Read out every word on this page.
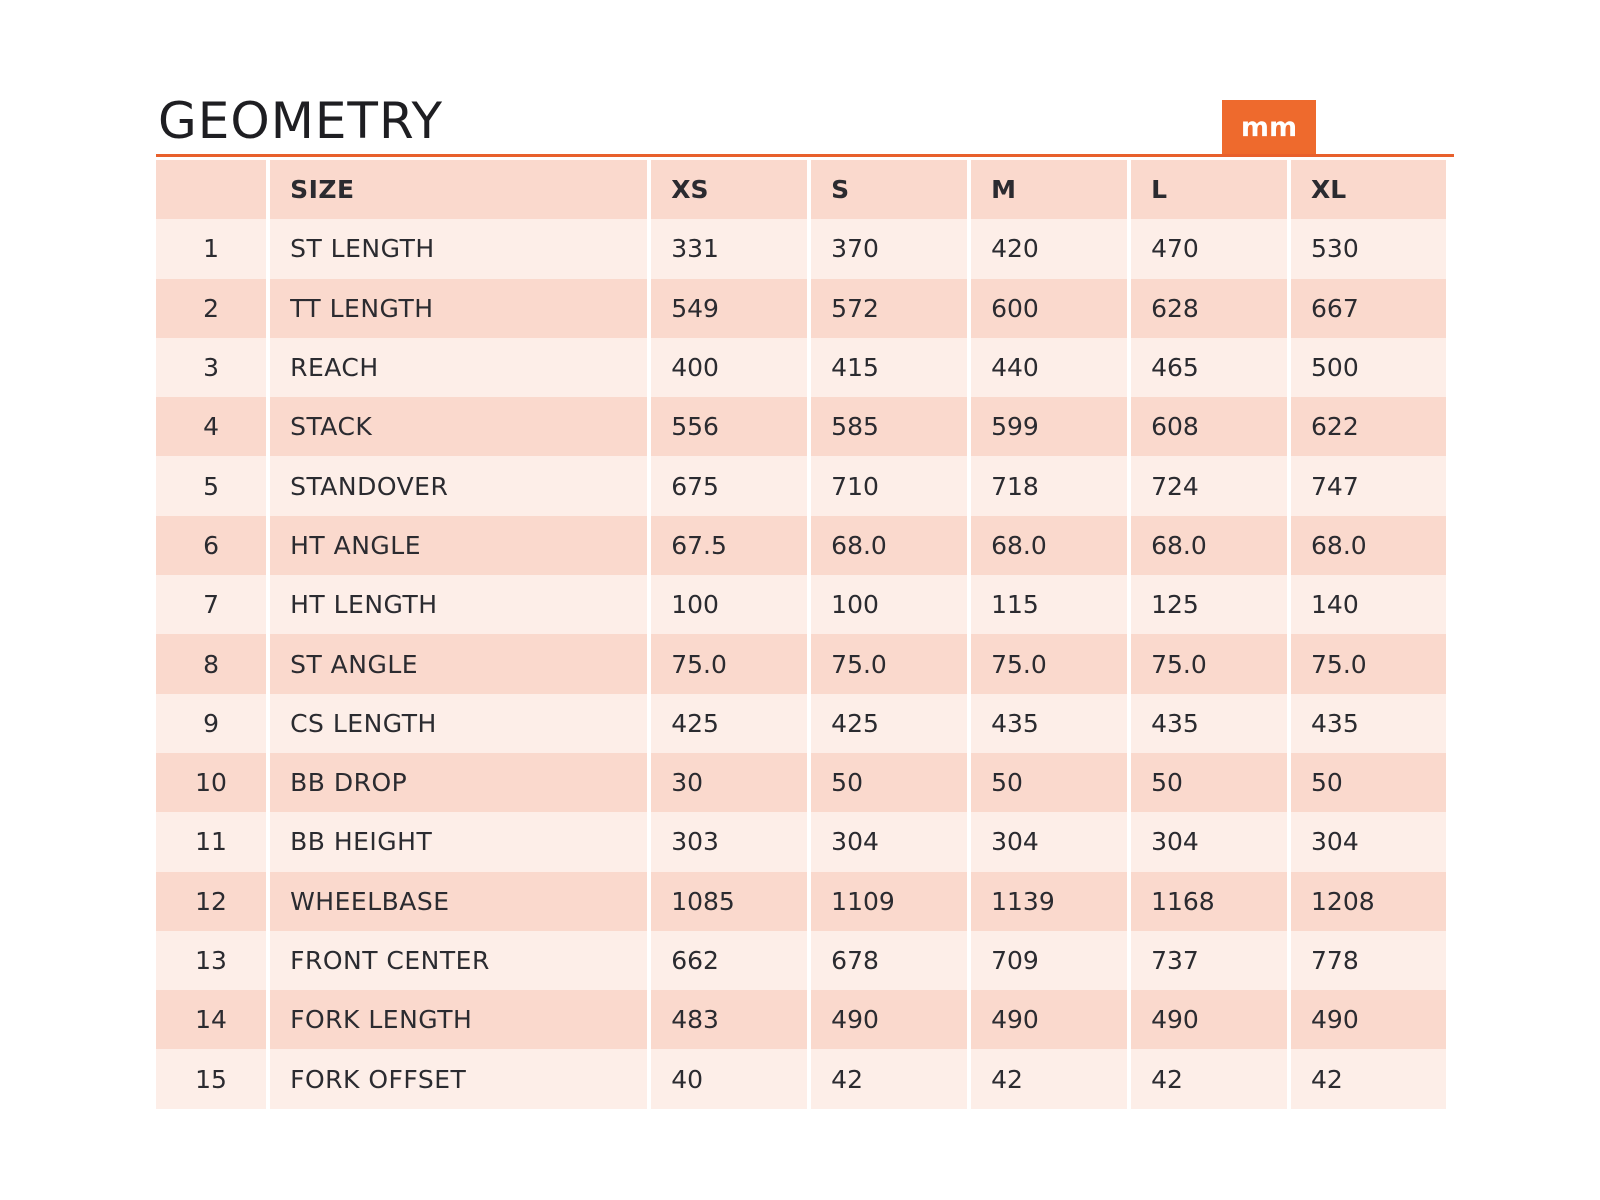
GEOMETRY	mm
	SIZE	XS	S	M	L	XL
1	ST LENGTH	331	370	420	470	530
2	TT LENGTH	549	572	600	628	667
3	REACH	400	415	440	465	500
4	STACK	556	585	599	608	622
5	STANDOVER	675	710	718	724	747
6	HT ANGLE	67.5	68.0	68.0	68.0	68.0
7	HT LENGTH	100	100	115	125	140
8	ST ANGLE	75.0	75.0	75.0	75.0	75.0
9	CS LENGTH	425	425	435	435	435
10	BB DROP	30	50	50	50	50
11	BB HEIGHT	303	304	304	304	304
12	WHEELBASE	1085	1109	1139	1168	1208
13	FRONT CENTER	662	678	709	737	778
14	FORK LENGTH	483	490	490	490	490
15	FORK OFFSET	40	42	42	42	42
